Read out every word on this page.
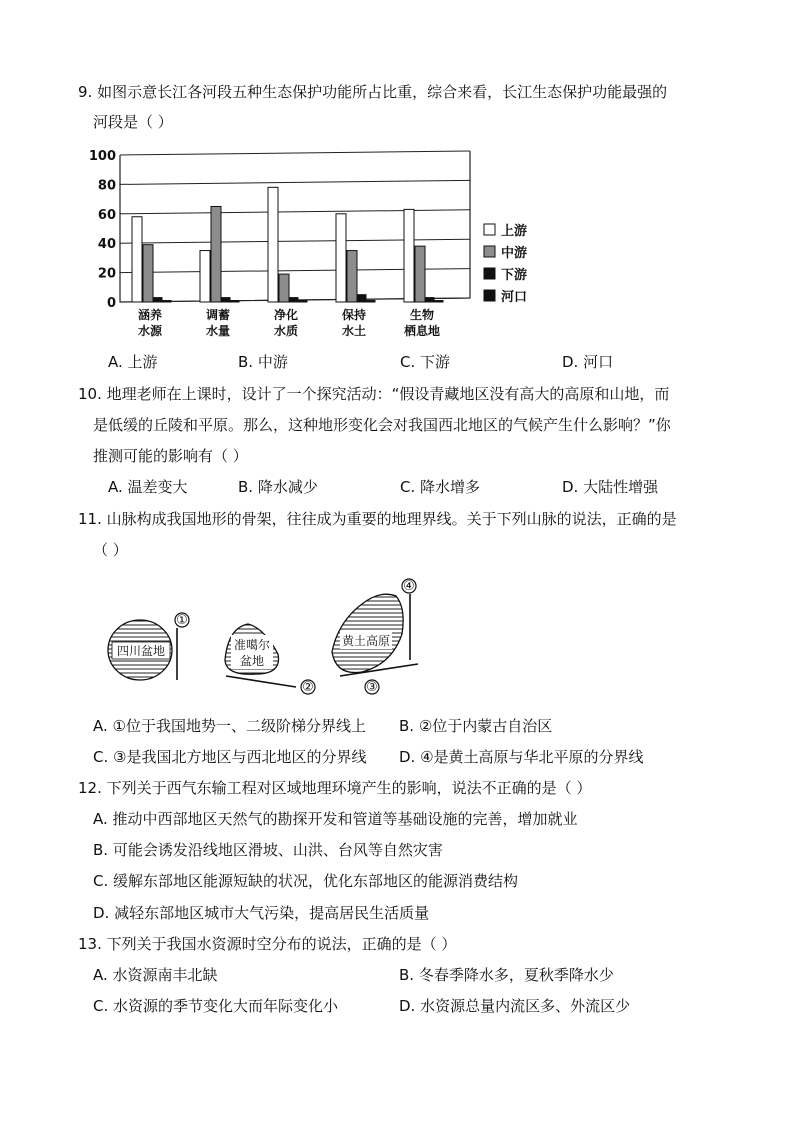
9. 如图示意长江各河段五种生态保护功能所占比重，综合来看，长江生态保护功能最强的
河段是（ ）
0
20
40
60
80
100
涵养
水源
调蓄
水量
净化
水质
保持
水土
生物
栖息地
上游
中游
下游
河口
A. 上游	B. 中游	C. 下游	D. 河口
10. 地理老师在上课时，设计了一个探究活动：“假设青藏地区没有高大的高原和山地，而
是低缓的丘陵和平原。那么，这种地形变化会对我国西北地区的气候产生什么影响？”你
推测可能的影响有（ ）
A. 温差变大	B. 降水减少	C. 降水增多	D. 大陆性增强
11. 山脉构成我国地形的骨架，往往成为重要的地理界线。关于下列山脉的说法，正确的是
（ ）
四川盆地
①
准噶尔
盆地
②
黄土高原
④
③
A. ①位于我国地势一、二级阶梯分界线上 B. ②位于内蒙古自治区
C. ③是我国北方地区与西北地区的分界线 D. ④是黄土高原与华北平原的分界线
12. 下列关于西气东输工程对区域地理环境产生的影响，说法不正确的是（ ）
A. 推动中西部地区天然气的勘探开发和管道等基础设施的完善，增加就业
B. 可能会诱发沿线地区滑坡、山洪、台风等自然灾害
C. 缓解东部地区能源短缺的状况，优化东部地区的能源消费结构
D. 减轻东部地区城市大气污染，提高居民生活质量
13. 下列关于我国水资源时空分布的说法，正确的是（ ）
A. 水资源南丰北缺	B. 冬春季降水多，夏秋季降水少
C. 水资源的季节变化大而年际变化小	D. 水资源总量内流区多、外流区少
